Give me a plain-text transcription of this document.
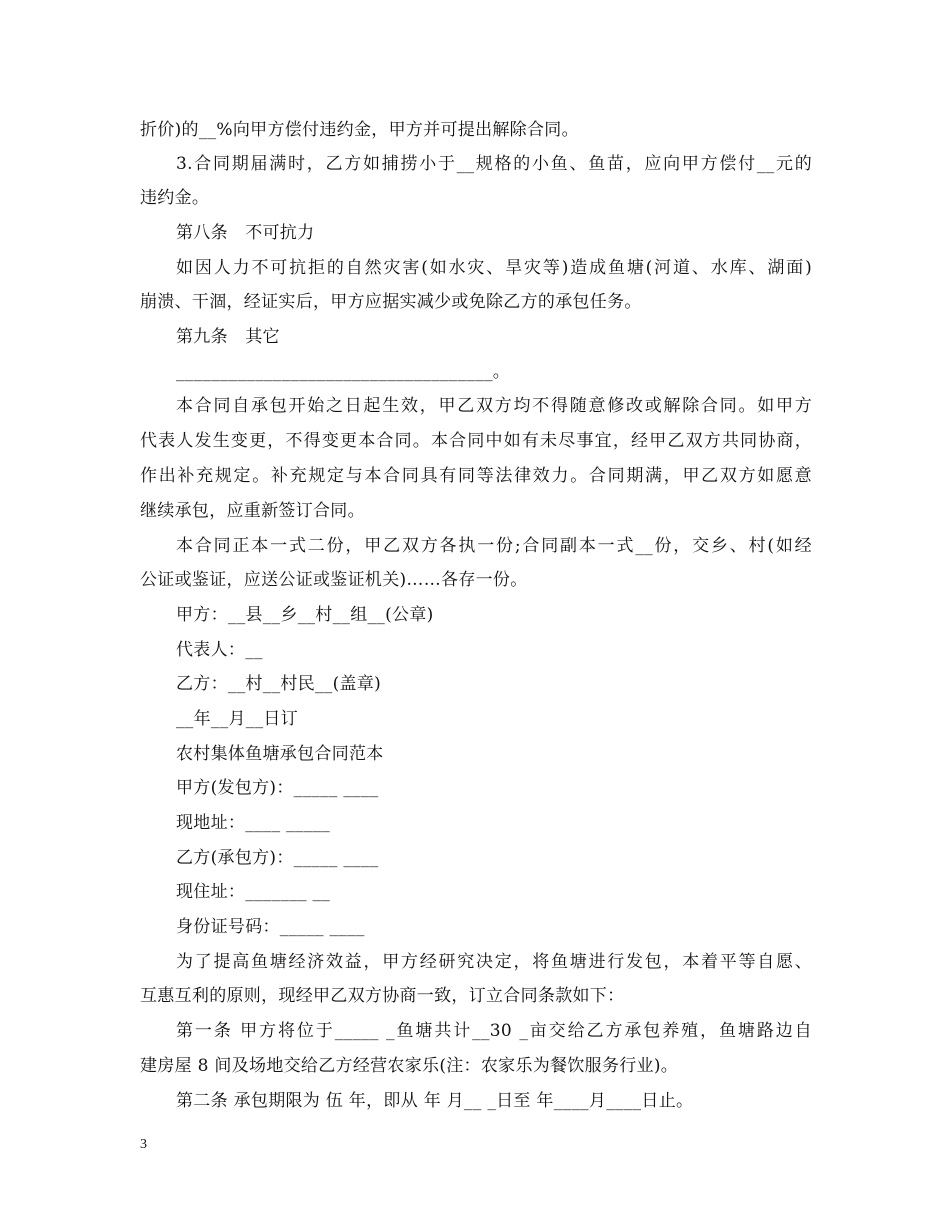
折价)的__%向甲方偿付违约金，甲方并可提出解除合同。
3.合同期届满时，乙方如捕捞小于__规格的小鱼、鱼苗，应向甲方偿付__元的
违约金。
第八条　不可抗力
如因人力不可抗拒的自然灾害(如水灾、旱灾等)造成鱼塘(河道、水库、湖面)
崩溃、干涸，经证实后，甲方应据实减少或免除乙方的承包任务。
第九条　其它
____________________________________。
本合同自承包开始之日起生效，甲乙双方均不得随意修改或解除合同。如甲方
代表人发生变更，不得变更本合同。本合同中如有未尽事宜，经甲乙双方共同协商，
作出补充规定。补充规定与本合同具有同等法律效力。合同期满，甲乙双方如愿意
继续承包，应重新签订合同。
本合同正本一式二份，甲乙双方各执一份;合同副本一式__份，交乡、村(如经
公证或鉴证，应送公证或鉴证机关)……各存一份。
甲方：__县__乡__村__组__(公章)
代表人：__
乙方：__村__村民__(盖章)
__年__月__日订
农村集体鱼塘承包合同范本
甲方(发包方)：_____ ____
现地址：____ _____
乙方(承包方)：_____ ____
现住址：_______ __
身份证号码：_____ ____
为了提高鱼塘经济效益，甲方经研究决定，将鱼塘进行发包，本着平等自愿、
互惠互利的原则，现经甲乙双方协商一致，订立合同条款如下：
第一条 甲方将位于_____ _鱼塘共计__30 _亩交给乙方承包养殖，鱼塘路边自
建房屋 8 间及场地交给乙方经营农家乐(注：农家乐为餐饮服务行业)。
第二条 承包期限为 伍 年，即从 年 月__ _日至 年____月____日止。
3
